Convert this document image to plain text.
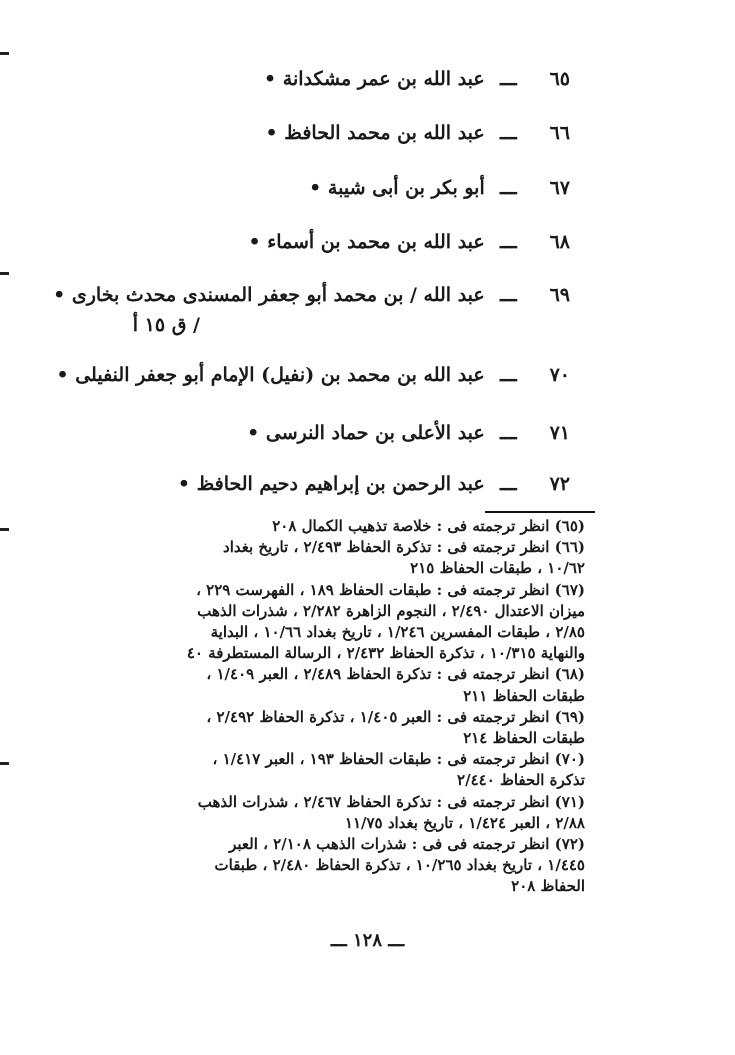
٦٥ ـــ عبد الله بن عمر مشكدانة •
٦٦ ـــ عبد الله بن محمد الحافظ •
٦٧ ـــ أبو بكر بن أبى شيبة •
٦٨ ـــ عبد الله بن محمد بن أسماء •
٦٩ ـــ عبد الله / بن محمد أبو جعفر المسندى محدث بخارى •
/ ق ١٥ أ
٧٠ ـــ عبد الله بن محمد بن (نفيل) الإمام أبو جعفر النفيلى •
٧١ ـــ عبد الأعلى بن حماد النرسى •
٧٢ ـــ عبد الرحمن بن إبراهيم دحيم الحافظ •
(٦٥) انظر ترجمته فى : خلاصة تذهيب الكمال ٢٠٨
(٦٦) انظر ترجمته فى : تذكرة الحفاظ ٢/٤٩٣ ، تاريخ بغداد
١٠/٦٢ ، طبقات الحفاظ ٢١٥
(٦٧) انظر ترجمته فى : طبقات الحفاظ ١٨٩ ، الفهرست ٢٢٩ ،
ميزان الاعتدال ٢/٤٩٠ ، النجوم الزاهرة ٢/٢٨٢ ، شذرات الذهب
٢/٨٥ ، طبقات المفسرين ١/٢٤٦ ، تاريخ بغداد ١٠/٦٦ ، البداية
والنهاية ١٠/٣١٥ ، تذكرة الحفاظ ٢/٤٣٢ ، الرسالة المستطرفة ٤٠
(٦٨) انظر ترجمته فى : تذكرة الحفاظ ٢/٤٨٩ ، العبر ١/٤٠٩ ،
طبقات الحفاظ ٢١١
(٦٩) انظر ترجمته فى : العبر ١/٤٠٥ ، تذكرة الحفاظ ٢/٤٩٢ ،
طبقات الحفاظ ٢١٤
(٧٠) انظر ترجمته فى : طبقات الحفاظ ١٩٣ ، العبر ١/٤١٧ ،
تذكرة الحفاظ ٢/٤٤٠
(٧١) انظر ترجمته فى : تذكرة الحفاظ ٢/٤٦٧ ، شذرات الذهب
٢/٨٨ ، العبر ١/٤٢٤ ، تاريخ بغداد ١١/٧٥
(٧٢) انظر ترجمته فى فى : شذرات الذهب ٢/١٠٨ ، العبر
١/٤٤٥ ، تاريخ بغداد ١٠/٢٦٥ ، تذكرة الحفاظ ٢/٤٨٠ ، طبقات
الحفاظ ٢٠٨
ـــ ١٢٨ ـــ
